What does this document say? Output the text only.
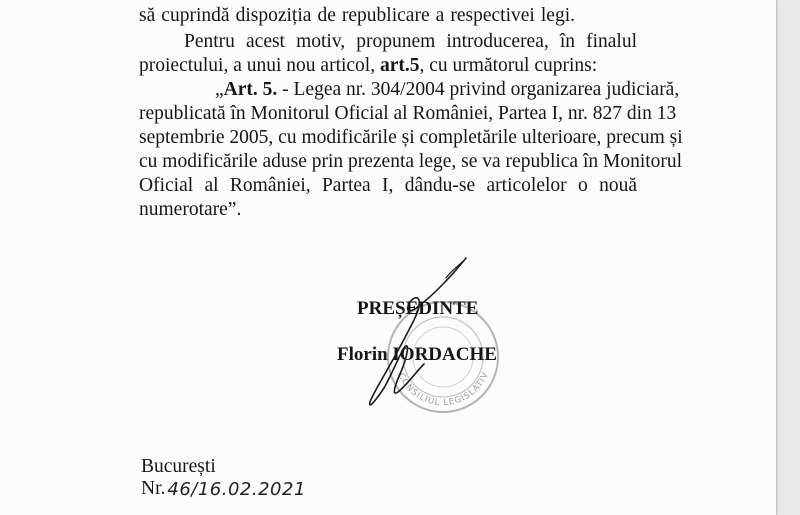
să cuprindă dispoziția de republicare a respectivei legi.
Pentru acest motiv, propunem introducerea, în finalul
proiectului, a unui nou articol, art.5, cu următorul cuprins:
„Art. 5. - Legea nr. 304/2004 privind organizarea judiciară,
republicată în Monitorul Oficial al României, Partea I, nr. 827 din 13
septembrie 2005, cu modificările și completările ulterioare, precum și
cu modificările aduse prin prezenta lege, se va republica în Monitorul
Oficial al României, Partea I, dându-se articolelor o nouă
numerotare”.
CONSILIUL LEGISLATIV
PREȘEDINTE
Florin IORDACHE
București
Nr. 46/16.02.2021
